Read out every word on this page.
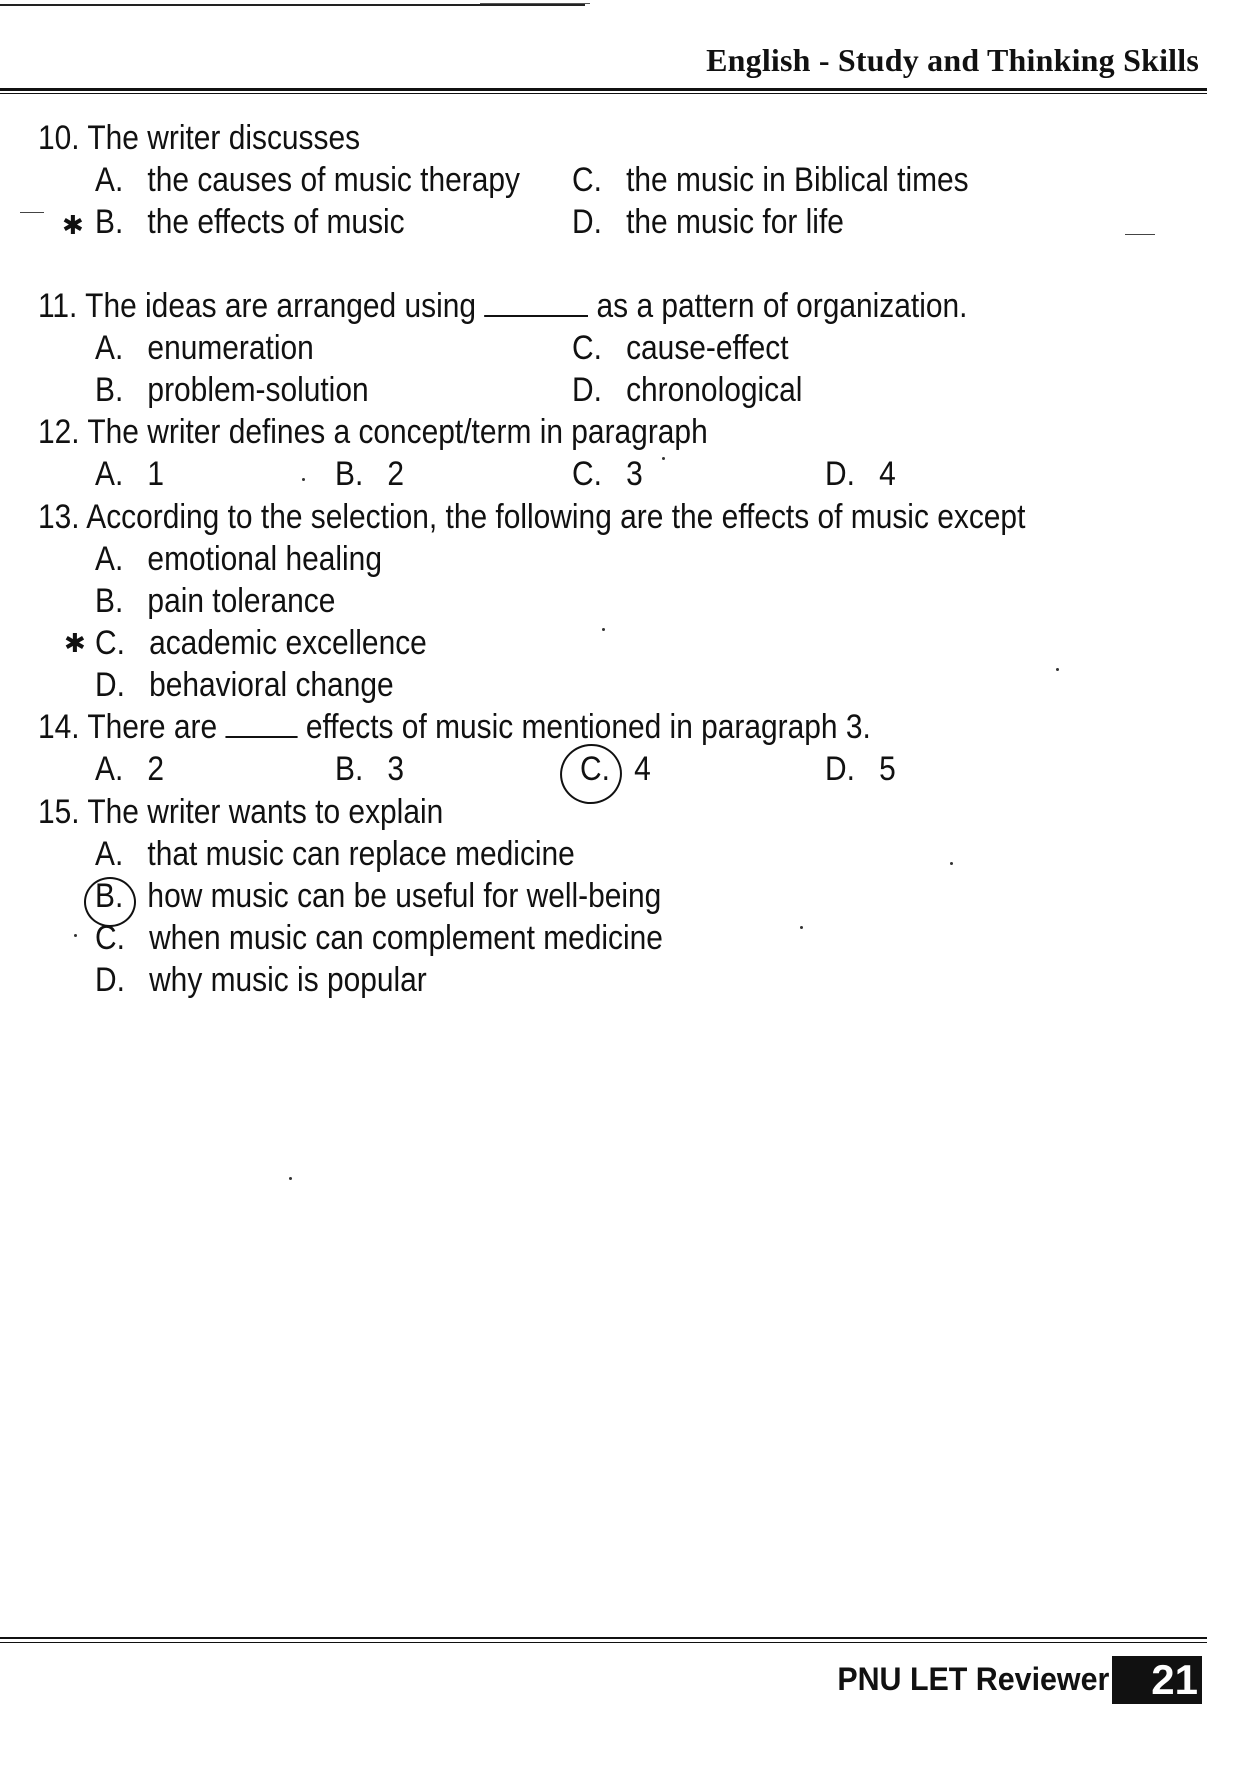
English - Study and Thinking Skills
10. The writer discusses
A. the causes of music therapy
B. the effects of music
C. the music in Biblical times
D. the music for life
✱
11. The ideas are arranged using	as a pattern of organization.
A. enumeration
B. problem-solution
C. cause-effect
D. chronological
12. The writer defines a concept/term in paragraph
A. 1	B. 2	C. 3	D. 4
13. According to the selection, the following are the effects of music except
A. emotional healing
B. pain tolerance
C. academic excellence
D. behavioral change
✱
14. There are	effects of music mentioned in paragraph 3.
A. 2	B. 3	C. 4	D. 5
15. The writer wants to explain
A. that music can replace medicine
B. how music can be useful for well-being
C. when music can complement medicine
D. why music is popular
PNU LET Reviewer	21
